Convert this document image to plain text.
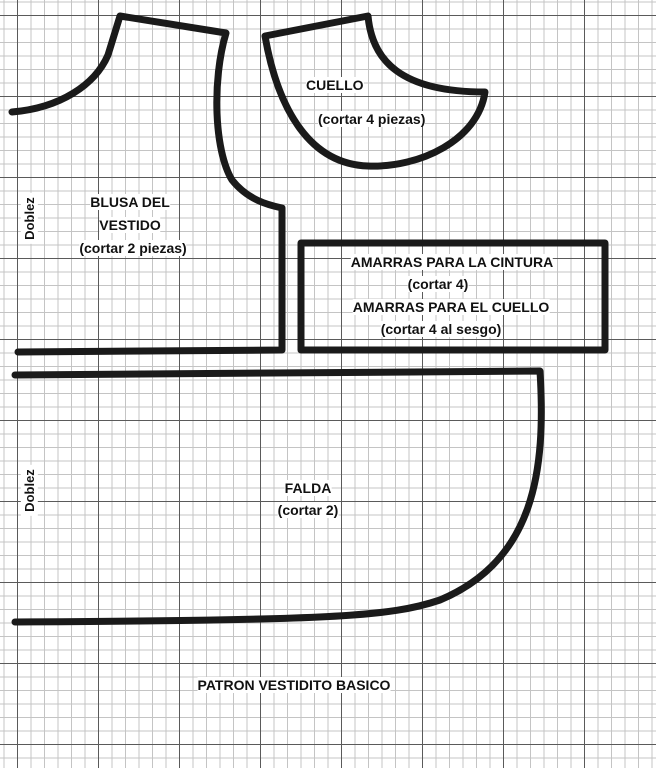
CUELLO

(cortar 4 piezas)

BLUSA DEL

VESTIDO

(cortar 2 piezas)

AMARRAS PARA LA CINTURA

(cortar 4)

AMARRAS PARA EL CUELLO

(cortar 4 al sesgo)

FALDA

(cortar 2)

Doblez
Doblez

PATRON VESTIDITO BASICO
